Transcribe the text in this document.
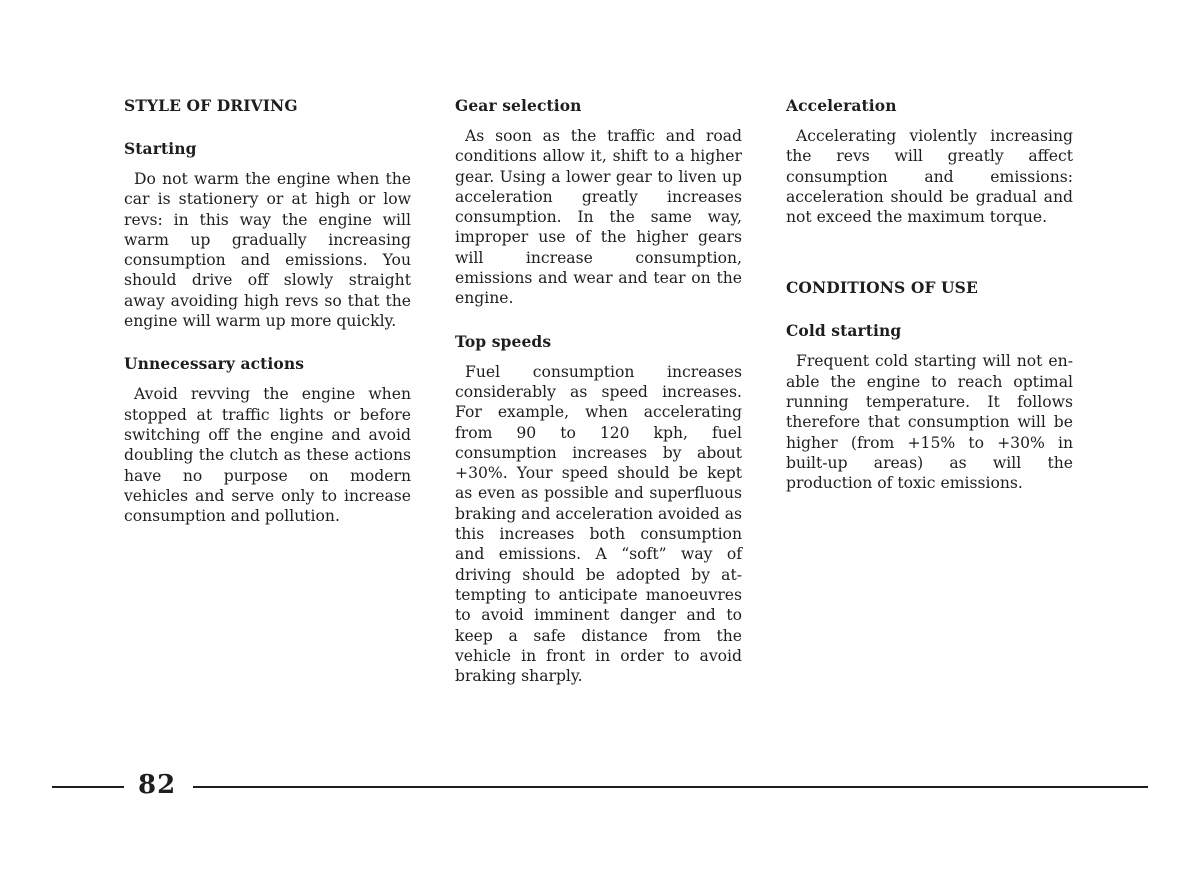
STYLE OF DRIVING
Starting

Do not warm the engine when the car is stationery or at high or low revs: in this way the engine will warm up gradually increasing consumption and emissions. You should drive off slowly straight away avoiding high revs so that the engine will warm up more quickly.

Unnecessary actions

Avoid revving the engine when stopped at traffic lights or before switching off the engine and avoid doubling the clutch as these actions have no purpose on modern vehicles and serve only to increase consumption and pollution.

Gear selection

As soon as the traffic and road conditions allow it, shift to a higher gear. Using a lower gear to liven up acceleration greatly increases consumption. In the same way, improper use of the higher gears will increase consumption, emissions and wear and tear on the engine.

Top speeds

Fuel consumption increases considerably as speed increases. For example, when accelerating from 90 to 120 kph, fuel consumption increases by about +30%. Your speed should be kept as even as possible and superfluous braking and acceleration avoided as this increases both consumption and emissions. A “soft” way of driving should be adopted by attempting to anticipate manoeuvres to avoid imminent danger and to keep a safe distance from the vehicle in front in order to avoid braking sharply.

Acceleration

Accelerating violently increasing the revs will greatly affect consumption and emissions: acceleration should be gradual and not exceed the maximum torque.

CONDITIONS OF USE
Cold starting

Frequent cold starting will not enable the engine to reach optimal running temperature. It follows therefore that consumption will be higher (from +15% to +30% in built-up areas) as will the production of toxic emissions.

82
